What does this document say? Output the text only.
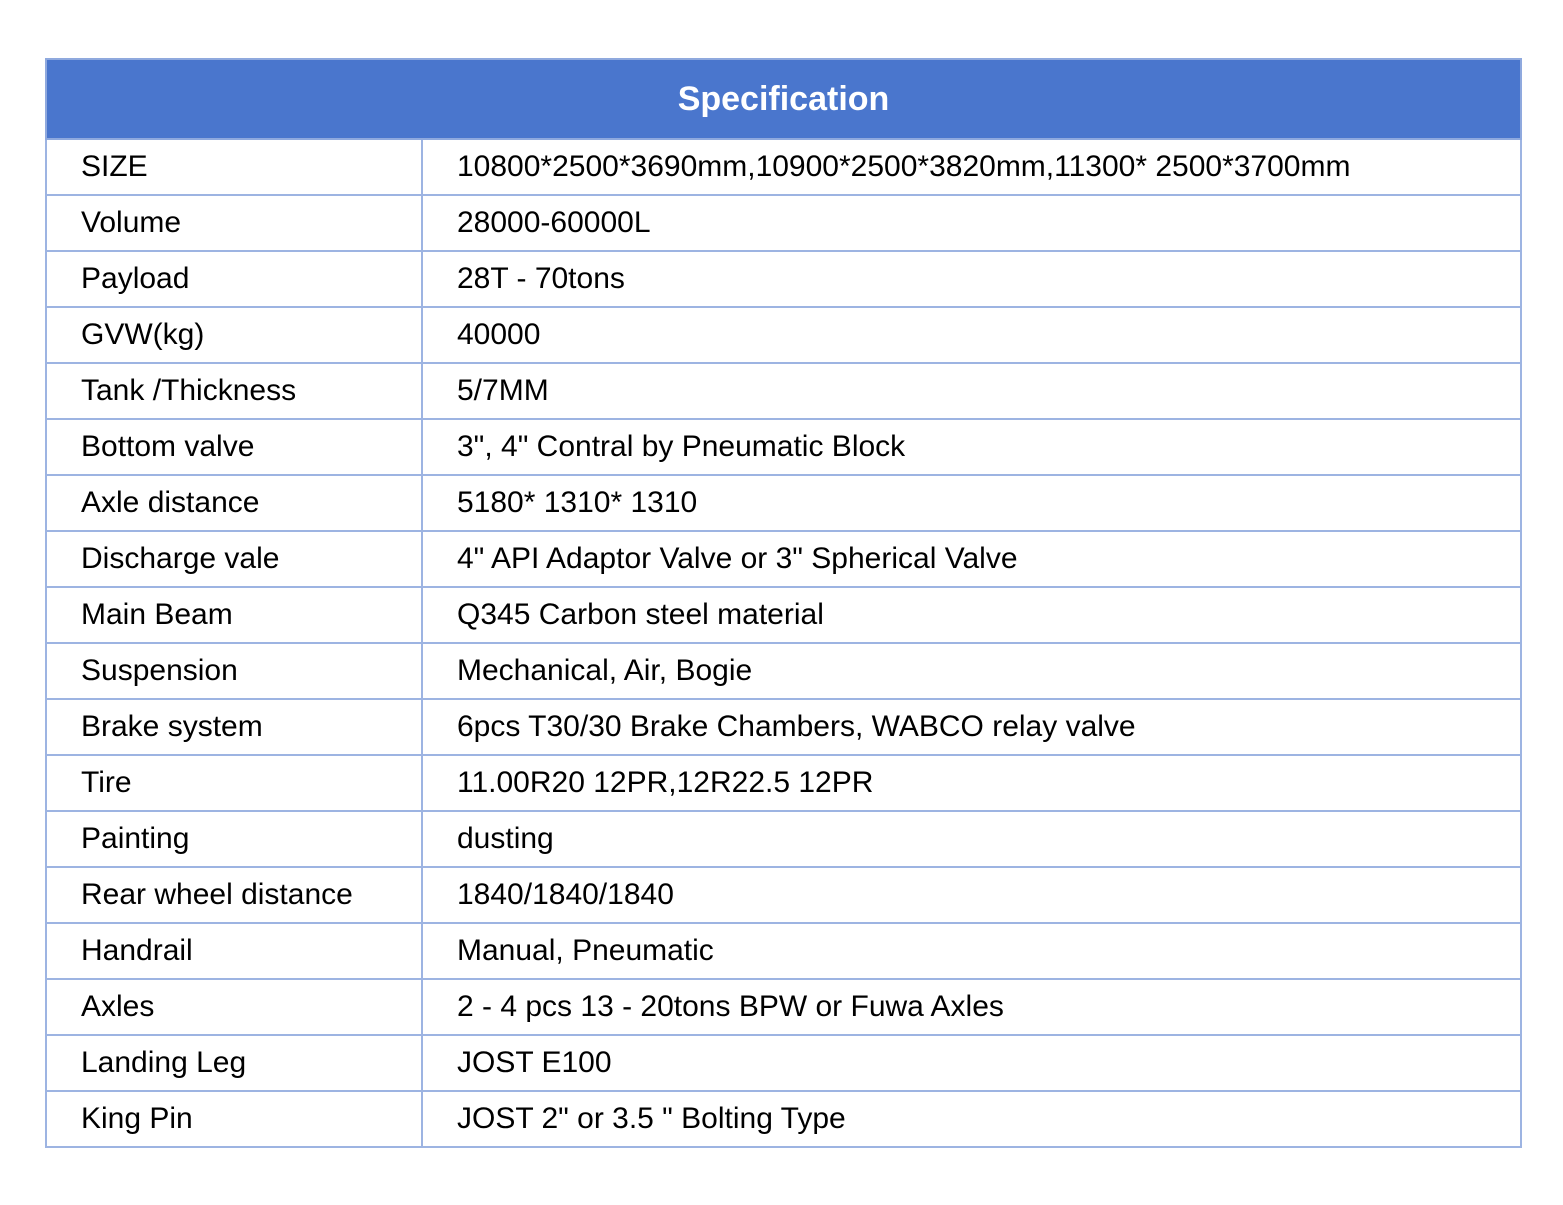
Specification	
SIZE	10800*2500*3690mm,10900*2500*3820mm,11300* 2500*3700mm
Volume	28000-60000L
Payload	28T - 70tons
GVW(kg)	40000
Tank /Thickness	5/7MM
Bottom valve	3", 4" Contral by Pneumatic Block
Axle distance	5180* 1310* 1310
Discharge vale	4" API Adaptor Valve or 3" Spherical Valve
Main Beam	Q345 Carbon steel material
Suspension	Mechanical, Air, Bogie
Brake system	6pcs T30/30 Brake Chambers, WABCO relay valve
Tire	11.00R20 12PR,12R22.5 12PR
Painting	dusting
Rear wheel distance	1840/1840/1840
Handrail	Manual, Pneumatic
Axles	2 - 4 pcs 13 - 20tons BPW or Fuwa Axles
Landing Leg	JOST E100
King Pin	JOST 2" or 3.5 " Bolting Type
